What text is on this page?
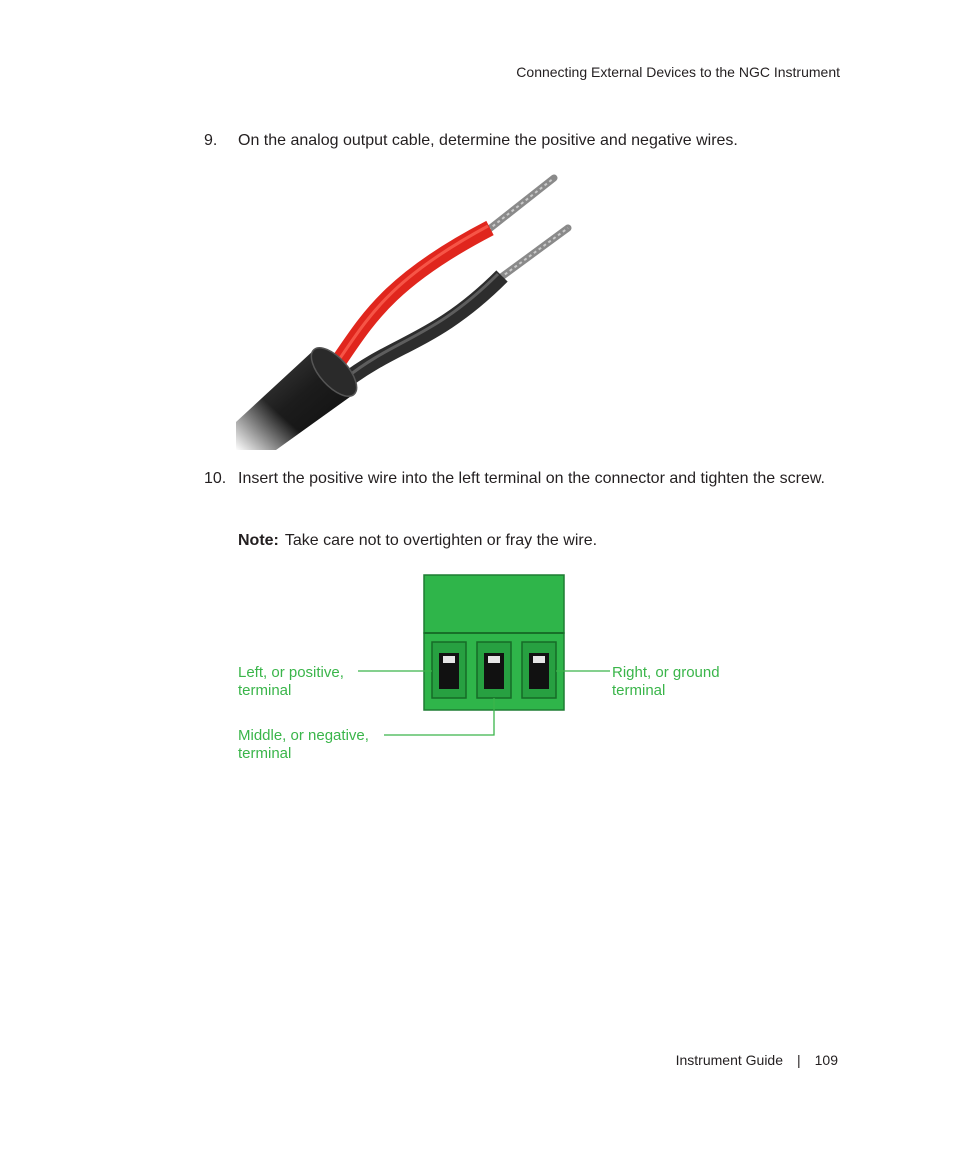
Connecting External Devices to the NGC Instrument
9. On the analog output cable, determine the positive and negative wires.
10. Insert the positive wire into the left terminal on the connector and tighten the screw.
Note: Take care not to overtighten or fray the wire.
Left, or positive,
terminal
Middle, or negative,
terminal
Right, or ground
terminal
Instrument Guide | 109
